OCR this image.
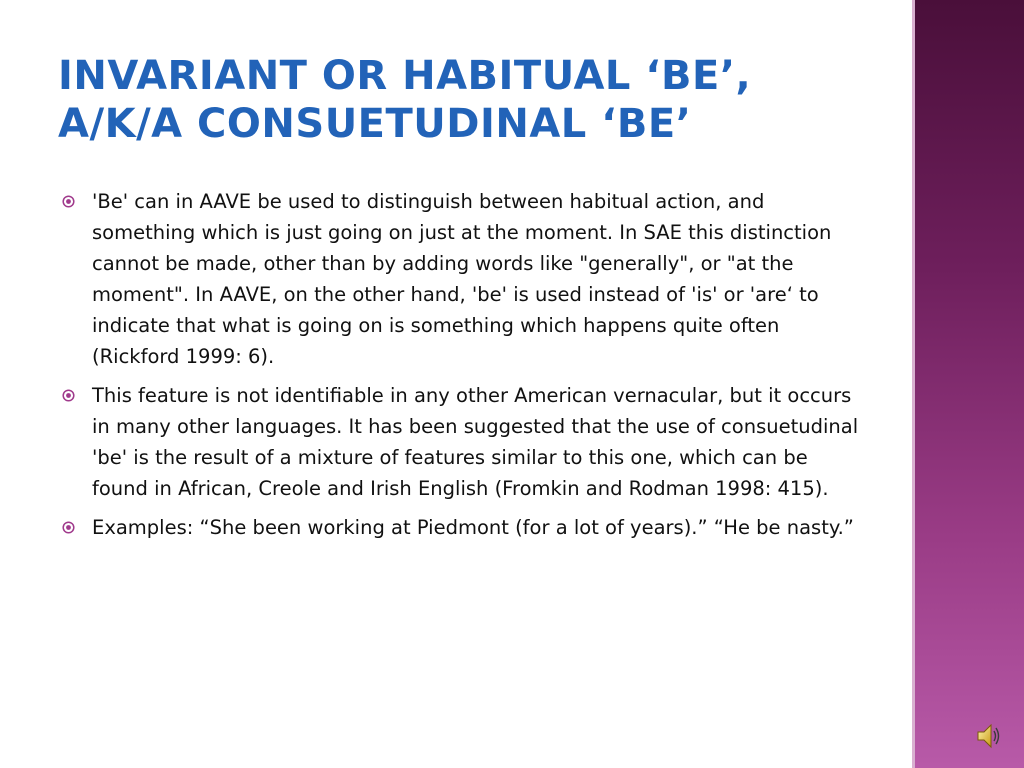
INVARIANT OR HABITUAL ‘BE’,
A/K/A CONSUETUDINAL ‘BE’
'Be' can in AAVE be used to distinguish between habitual action, and something which is just going on just at the moment. In SAE this distinction cannot be made, other than by adding words like "generally", or "at the moment". In AAVE, on the other hand, 'be' is used instead of 'is' or 'are‘ to indicate that what is going on is something which happens quite often (Rickford 1999: 6).
This feature is not identifiable in any other American vernacular, but it occurs in many other languages. It has been suggested that the use of consuetudinal 'be' is the result of a mixture of features similar to this one, which can be found in African, Creole and Irish English (Fromkin and Rodman 1998: 415).
Examples: “She been working at Piedmont (for a lot of years).” “He be nasty.”
